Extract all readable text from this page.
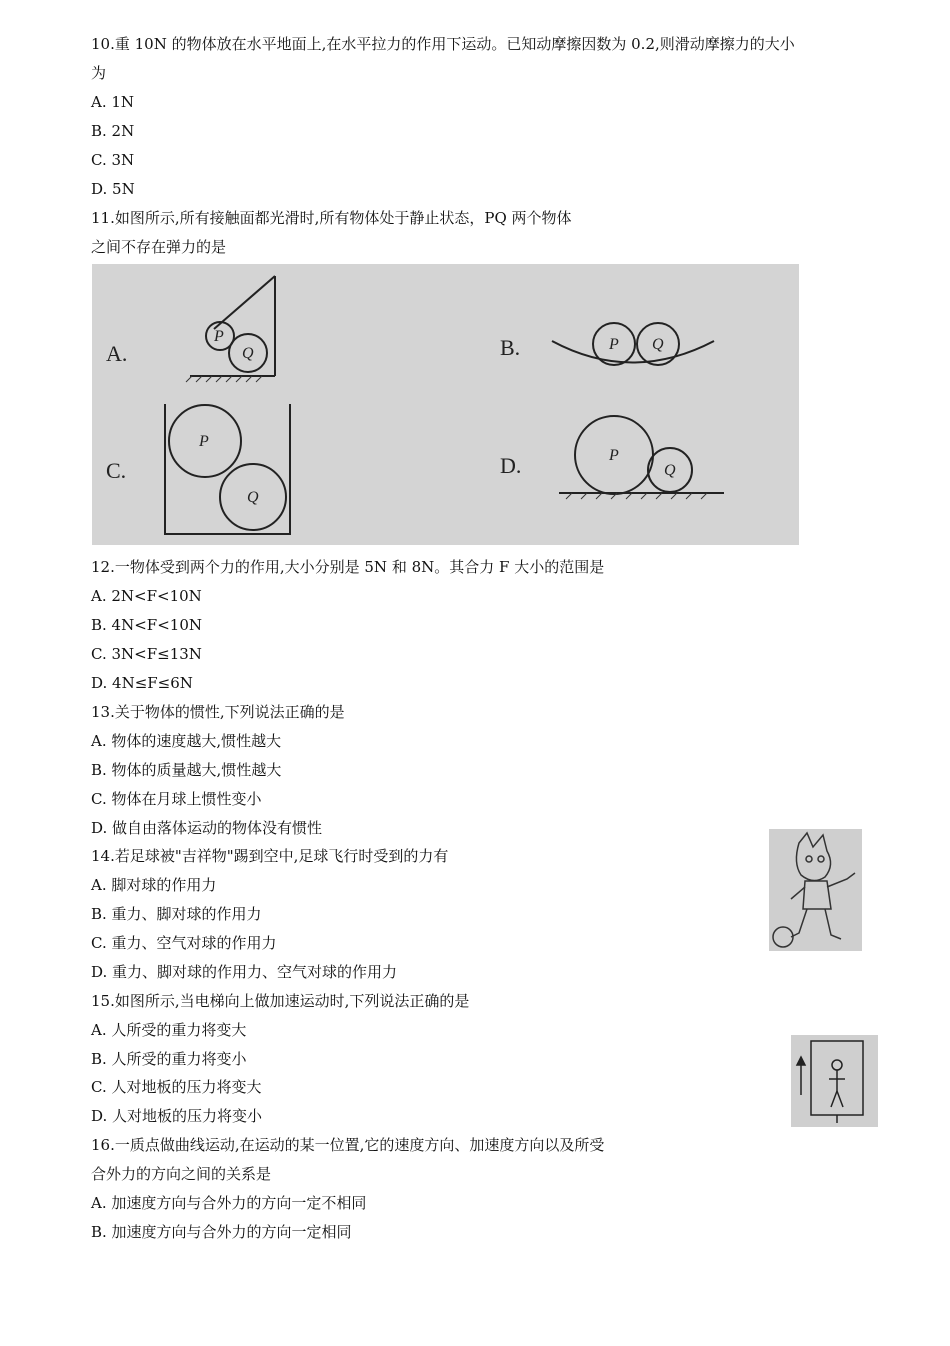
10.重 10N 的物体放在水平地面上,在水平拉力的作用下运动。已知动摩擦因数为 0.2,则滑动摩擦力的大小
为
A. 1N
B. 2N
C. 3N
D. 5N
11.如图所示,所有接触面都光滑时,所有物体处于静止状态，PQ 两个物体
之间不存在弹力的是
A.	B.
C.	D.
P
Q
P Q
P
Q
P
Q
12.一物体受到两个力的作用,大小分别是 5N 和 8N。其合力 F 大小的范围是
A. 2N<F<10N
B. 4N<F<10N
C. 3N<F≤13N
D. 4N≤F≤6N
13.关于物体的惯性,下列说法正确的是
A. 物体的速度越大,惯性越大
B. 物体的质量越大,惯性越大
C. 物体在月球上惯性变小
D. 做自由落体运动的物体没有惯性
14.若足球被"吉祥物"踢到空中,足球飞行时受到的力有
A. 脚对球的作用力
B. 重力、脚对球的作用力
C. 重力、空气对球的作用力
D. 重力、脚对球的作用力、空气对球的作用力
15.如图所示,当电梯向上做加速运动时,下列说法正确的是
A. 人所受的重力将变大
B. 人所受的重力将变小
C. 人对地板的压力将变大
D. 人对地板的压力将变小
16.一质点做曲线运动,在运动的某一位置,它的速度方向、加速度方向以及所受
合外力的方向之间的关系是
A. 加速度方向与合外力的方向一定不相同
B. 加速度方向与合外力的方向一定相同
